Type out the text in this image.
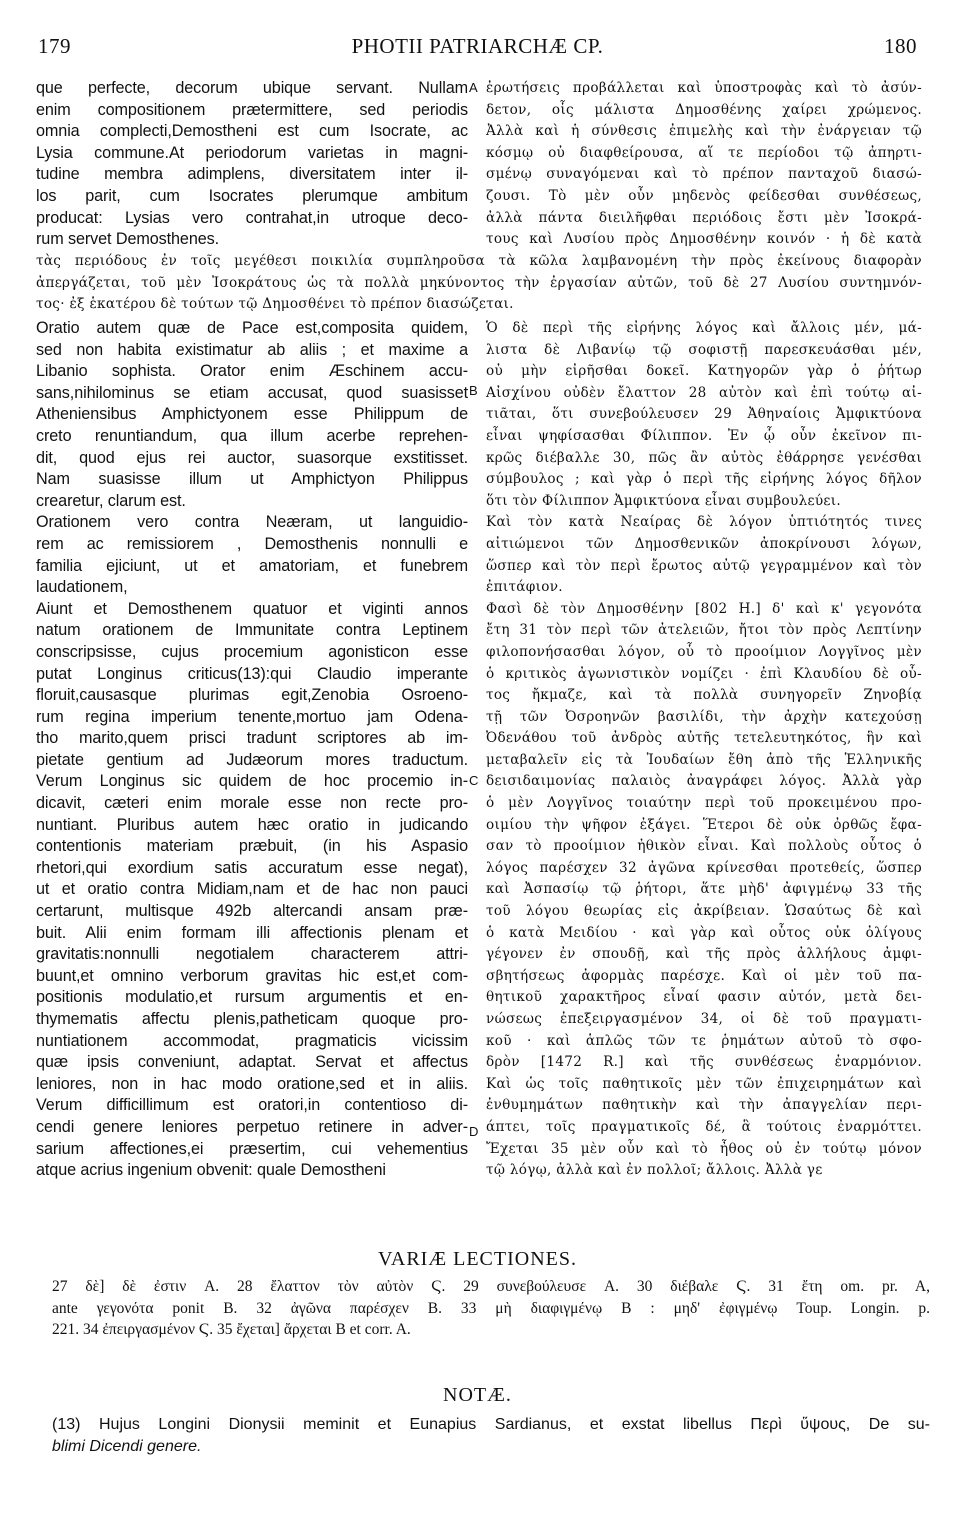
179	PHOTII PATRIARCHÆ CP.	180
que perfecte, decorum ubique servant. Nullam
enim compositionem prætermittere, sed periodis
omnia complecti,Demostheni est cum Isocrate, ac
Lysia commune.At periodorum varietas in magni-
tudine membra adimplens, diversitatem inter il-
los parit, cum Isocrates plerumque ambitum
producat: Lysias vero contrahat,in utroque deco-
rum servet Demosthenes.
ἐρωτήσεις προβάλλεται καὶ ὑποστροφὰς καὶ τὸ ἀσύν-
δετον, οἷς μάλιστα Δημοσθένης χαίρει χρώμενος.
Ἀλλὰ καὶ ἡ σύνθεσις ἐπιμελὴς καὶ τὴν ἐνάργειαν τῷ
κόσμῳ οὐ διαφθείρουσα, αἵ τε περίοδοι τῷ ἀπηρτι-
σμένῳ συναγόμεναι καὶ τὸ πρέπον πανταχοῦ διασώ-
ζουσι. Τὸ μὲν οὖν μηδενὸς φείδεσθαι συνθέσεως,
ἀλλὰ πάντα διειλῆφθαι περιόδοις ἔστι μὲν Ἰσοκρά-
τους καὶ Λυσίου πρὸς Δημοσθένην κοινόν · ἡ δὲ κατὰ
τὰς περιόδους ἐν τοῖς μεγέθεσι ποικιλία συμπληροῦσα τὰ κῶλα λαμβανομένη τὴν πρὸς ἐκείνους διαφορὰν
ἀπεργάζεται, τοῦ μὲν Ἰσοκράτους ὡς τὰ πολλὰ μηκύνοντος τὴν ἐργασίαν αὐτῶν, τοῦ δὲ 27 Λυσίου συντημνόν-
τος· ἐξ ἑκατέρου δὲ τούτων τῷ Δημοσθένει τὸ πρέπον διασώζεται.
Oratio autem quæ de Pace est,composita quidem,
sed non habita existimatur ab aliis ; et maxime a
Libanio sophista. Orator enim Æschinem accu-
sans,nihilominus se etiam accusat, quod suasisset
Atheniensibus Amphictyonem esse Philippum de
creto renuntiandum, qua illum acerbe reprehen-
dit, quod ejus rei auctor, suasorque exstitisset.
Nam suasisse illum ut Amphictyon Philippus
crearetur, clarum est.
Orationem vero contra Neæram, ut languidio-
rem ac remissiorem , Demosthenis nonnulli e
familia ejiciunt, ut et amatoriam, et funebrem
laudationem,
Aiunt et Demosthenem quatuor et viginti annos
natum orationem de Immunitate contra Leptinem
conscripsisse, cujus procemium agonisticon esse
putat Longinus criticus(13):qui Claudio imperante
floruit,causasque plurimas egit,Zenobia Osroeno-
rum regina imperium tenente,mortuo jam Odena-
tho marito,quem prisci tradunt scriptores ab im-
pietate gentium ad Judæorum mores traductum.
Verum Longinus sic quidem de hoc procemio in-
dicavit, cæteri enim morale esse non recte pro-
nuntiant. Pluribus autem hæc oratio in judicando
contentionis materiam præbuit, (in his Aspasio
rhetori,qui exordium satis accuratum esse negat),
ut et oratio contra Midiam,nam et de hac non pauci
certarunt, multisque 492b altercandi ansam præ-
buit. Alii enim formam illi affectionis plenam et
gravitatis:nonnulli negotialem characterem attri-
buunt,et omnino verborum gravitas hic est,et com-
positionis modulatio,et rursum argumentis et en-
thymematis affectu plenis,patheticam quoque pro-
nuntiationem accommodat, pragmaticis vicissim
quæ ipsis conveniunt, adaptat. Servat et affectus
leniores, non in hac modo oratione,sed et in aliis.
Verum difficillimum est oratori,in contentioso di-
cendi genere leniores perpetuo retinere in adver-
sarium affectiones,ei præsertim, cui vehementius
atque acrius ingenium obvenit: quale Demostheni
Ὁ δὲ περὶ τῆς εἰρήνης λόγος καὶ ἄλλοις μέν, μά-
λιστα δὲ Λιβανίῳ τῷ σοφιστῇ παρεσκευάσθαι μέν,
οὐ μὴν εἰρῆσθαι δοκεῖ. Κατηγορῶν γὰρ ὁ ῥήτωρ
Αἰσχίνου οὐδὲν ἔλαττον 28 αὐτὸν καὶ ἐπὶ τούτῳ αἰ-
τιᾶται, ὅτι συνεβούλευσεν 29 Ἀθηναίοις Ἀμφικτύονα
εἶναι ψηφίσασθαι Φίλιππον. Ἐν ᾧ οὖν ἐκεῖνον πι-
κρῶς διέβαλλε 30, πῶς ἂν αὐτὸς ἐθάρρησε γενέσθαι
σύμβουλος ; καὶ γὰρ ὁ περὶ τῆς εἰρήνης λόγος δῆλον
ὅτι τὸν Φίλιππον Ἀμφικτύονα εἶναι συμβουλεύει.
Καὶ τὸν κατὰ Νεαίρας δὲ λόγον ὑπτιότητός τινες
αἰτιώμενοι τῶν Δημοσθενικῶν ἀποκρίνουσι λόγων,
ὥσπερ καὶ τὸν περὶ ἔρωτος αὐτῷ γεγραμμένον καὶ τὸν
ἐπιτάφιον.
Φασὶ δὲ τὸν Δημοσθένην [802 H.] δ' καὶ κ' γεγονότα
ἔτη 31 τὸν περὶ τῶν ἀτελειῶν, ἤτοι τὸν πρὸς Λεπτίνην
φιλοπονήσασθαι λόγον, οὗ τὸ προοίμιον Λογγῖνος μὲν
ὁ κριτικὸς ἀγωνιστικὸν νομίζει · ἐπὶ Κλαυδίου δὲ οὗ-
τος ἤκμαζε, καὶ τὰ πολλὰ συνηγορεῖν Ζηνοβίᾳ
τῇ τῶν Ὀσροηνῶν βασιλίδι, τὴν ἀρχὴν κατεχούσῃ
Ὀδενάθου τοῦ ἀνδρὸς αὐτῆς τετελευτηκότος, ἣν καὶ
μεταβαλεῖν εἰς τὰ Ἰουδαίων ἔθη ἀπὸ τῆς Ἑλληνικῆς
δεισιδαιμονίας παλαιὸς ἀναγράφει λόγος. Ἀλλὰ γὰρ
ὁ μὲν Λογγῖνος τοιαύτην περὶ τοῦ προκειμένου προ-
οιμίου τὴν ψῆφον ἐξάγει. Ἕτεροι δὲ οὐκ ὀρθῶς ἔφα-
σαν τὸ προοίμιον ἠθικὸν εἶναι. Καὶ πολλοὺς οὗτος ὁ
λόγος παρέσχεν 32 ἀγῶνα κρίνεσθαι προτεθείς, ὥσπερ
καὶ Ἀσπασίῳ τῷ ῥήτορι, ἅτε μὴδ' ἀφιγμένῳ 33 τῆς
τοῦ λόγου θεωρίας εἰς ἀκρίβειαν. Ὡσαύτως δὲ καὶ
ὁ κατὰ Μειδίου · καὶ γὰρ καὶ οὗτος οὐκ ὀλίγους
γέγονεν ἐν σπουδῇ, καὶ τῆς πρὸς ἀλλήλους ἀμφι-
σβητήσεως ἀφορμὰς παρέσχε. Καὶ οἱ μὲν τοῦ πα-
θητικοῦ χαρακτῆρος εἶναί φασιν αὐτόν, μετὰ δει-
νώσεως ἐπεξειργασμένον 34, οἱ δὲ τοῦ πραγματι-
κοῦ · καὶ ἁπλῶς τῶν τε ῥημάτων αὐτοῦ τὸ σφο-
δρὸν [1472 R.] καὶ τῆς συνθέσεως ἐναρμόνιον.
Καὶ ὡς τοῖς παθητικοῖς μὲν τῶν ἐπιχειρημάτων καὶ
ἐνθυμημάτων παθητικὴν καὶ τὴν ἀπαγγελίαν περι-
άπτει, τοῖς πραγματικοῖς δέ, ἃ τούτοις ἐναρμόττει.
Ἔχεται 35 μὲν οὖν καὶ τὸ ἦθος οὐ ἐν τούτῳ μόνον
τῷ λόγῳ, ἀλλὰ καὶ ἐν πολλοῖ; ἄλλοις. Ἀλλὰ γε
A
B
C
D
VARIÆ LECTIONES.
27 δὲ] δὲ ἐστιν A. 28 ἔλαττον τὸν αὐτὸν Ϛ. 29 συνεβούλευσε A. 30 διέβαλε Ϛ. 31 ἔτη om. pr. A,
ante γεγονότα ponit B. 32 ἀγῶνα παρέσχεν B. 33 μὴ διαφιγμένῳ B : μηδ' ἐφιγμένῳ Toup. Longin. p.
221. 34 ἐπειργασμένον Ϛ. 35 ἔχεται] ἄρχεται B et corr. A.
NOTÆ.
(13) Hujus Longini Dionysii meminit et Eunapius Sardianus, et exstat libellus Περὶ ὕψους, De su-
blimi Dicendi genere.
